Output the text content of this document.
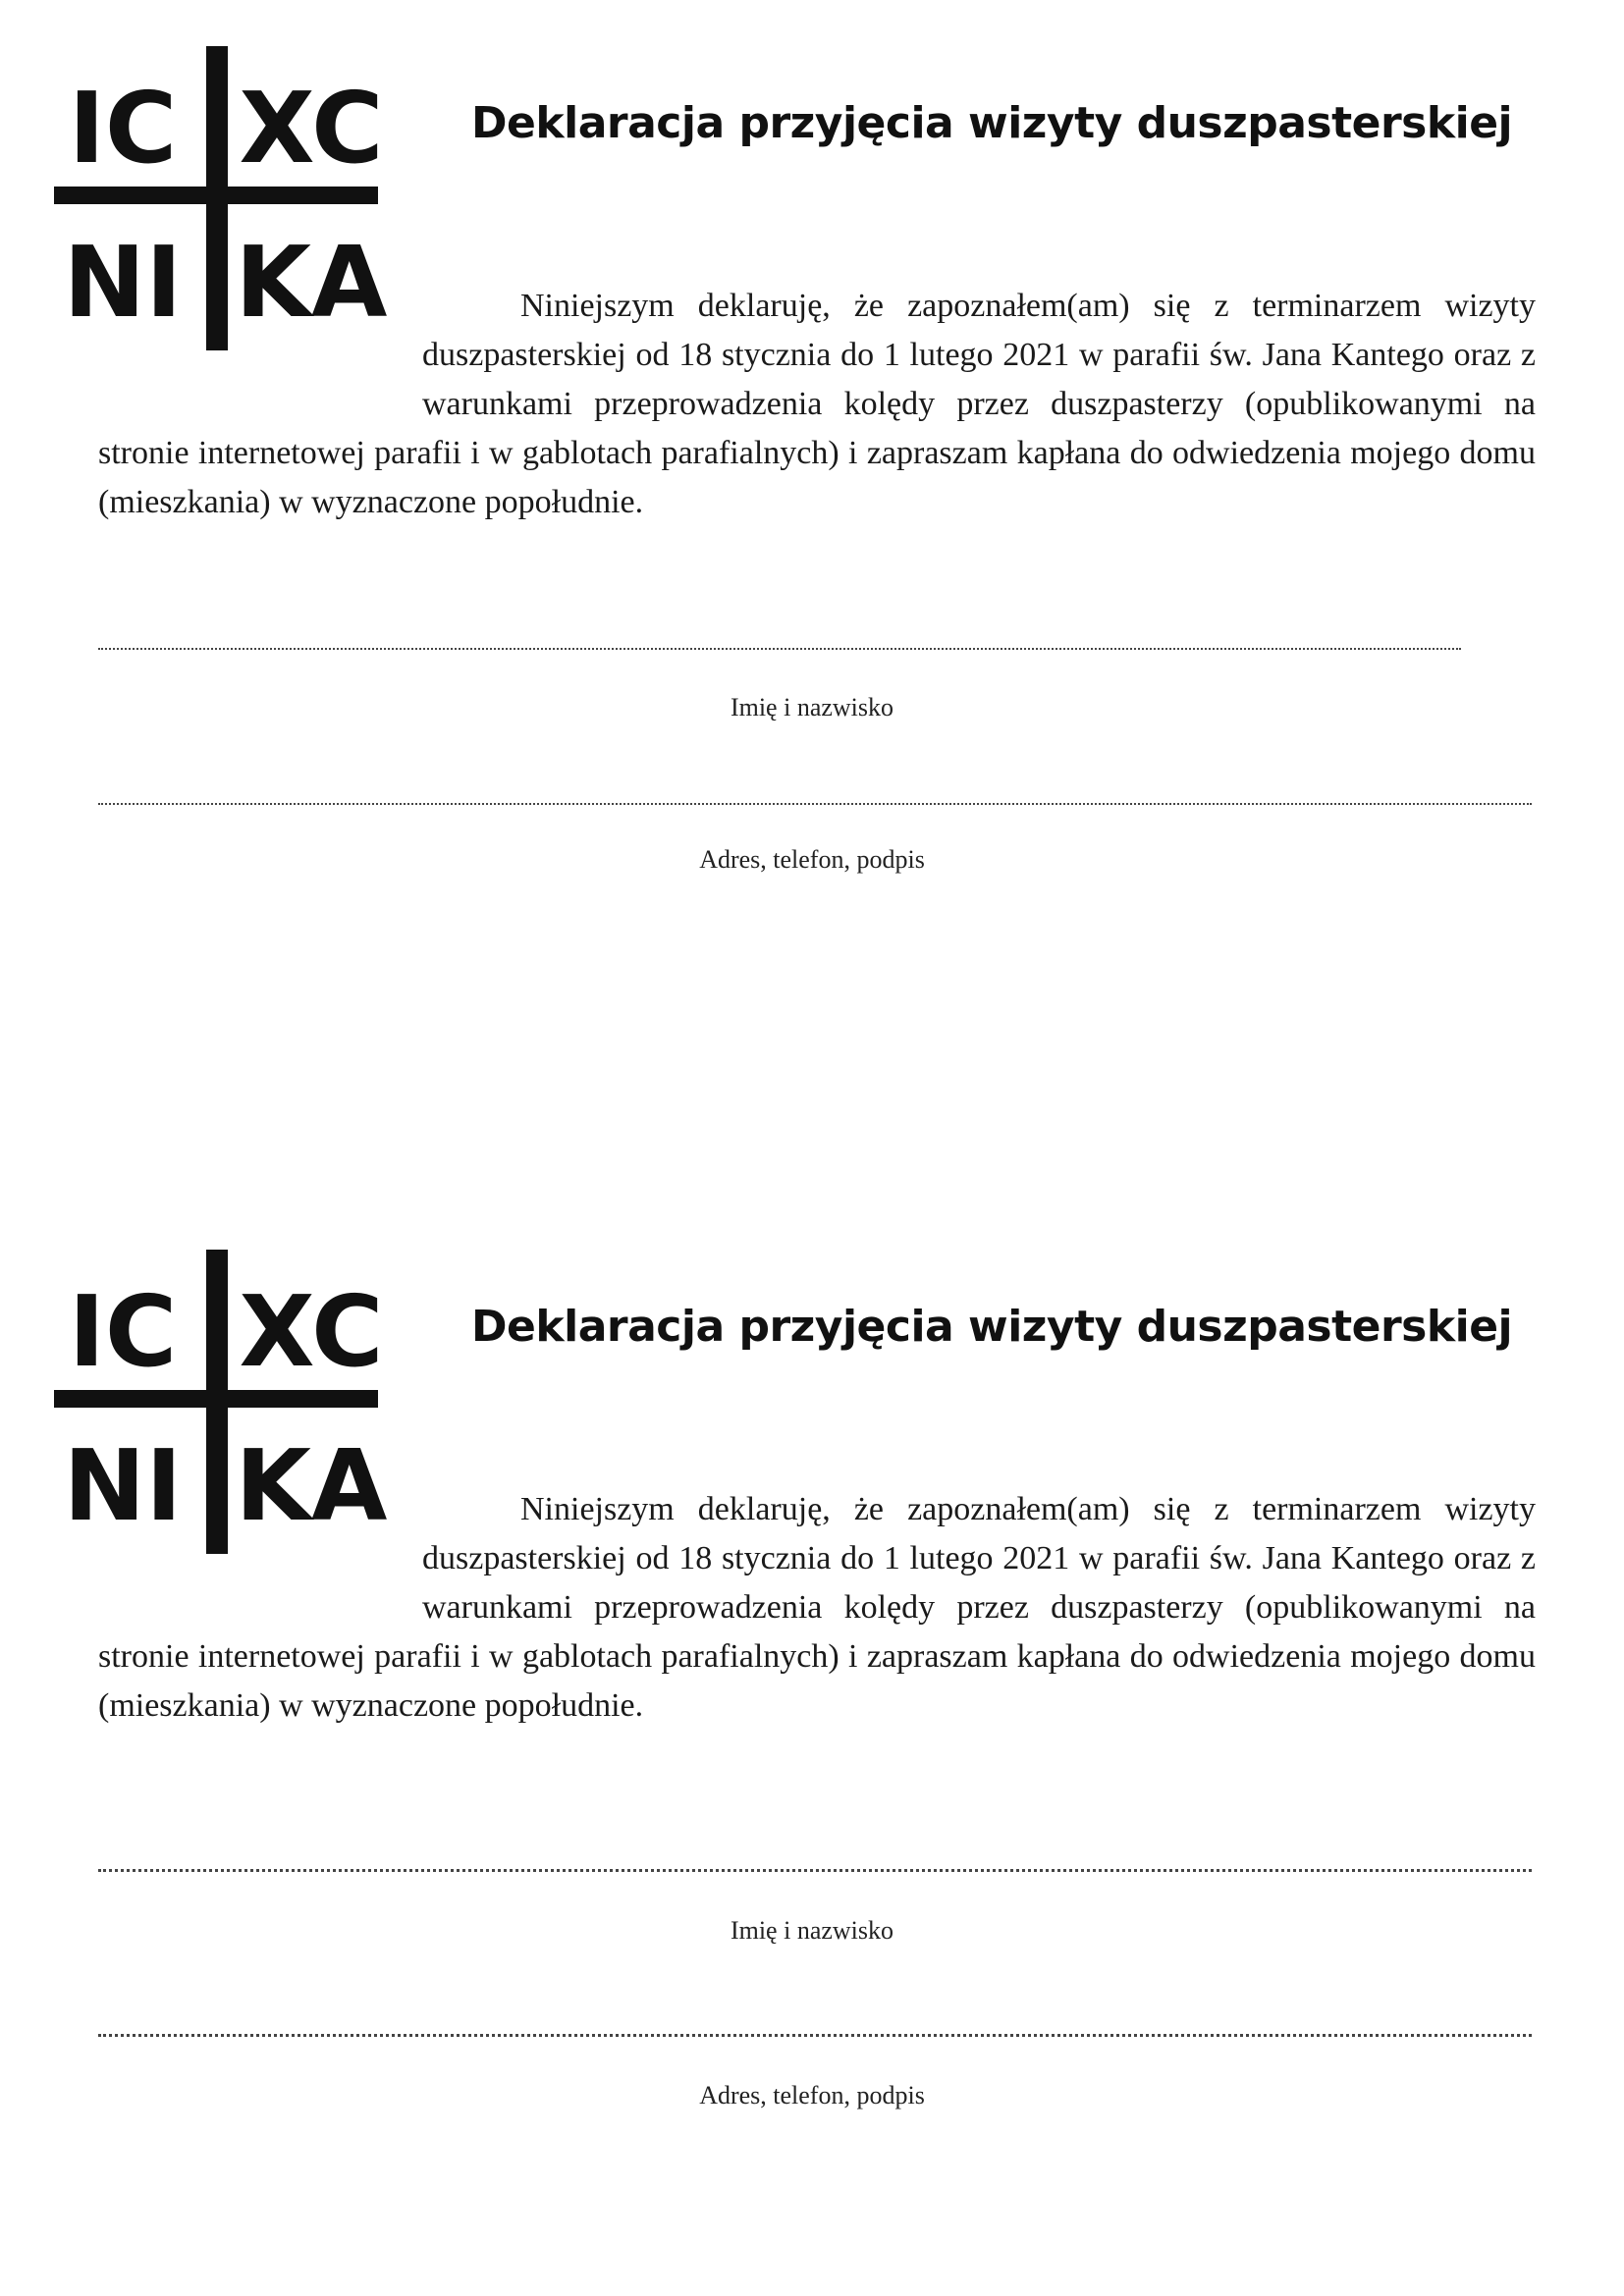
IC XC
NI KA
Deklaracja przyjęcia wizyty duszpasterskiej

Niniejszym deklaruję, że zapoznałem(am) się z terminarzem wizyty duszpasterskiej od 18 stycznia do 1 lutego 2021 w parafii św. Jana Kantego oraz z warunkami przeprowadzenia kolędy przez duszpasterzy (opublikowanymi na stronie internetowej parafii i w gablotach parafialnych) i zapraszam kapłana do odwiedzenia mojego domu (mieszkania) w wyznaczone popołudnie.

Imię i nazwisko
Adres, telefon, podpis
IC XC
NI KA
Deklaracja przyjęcia wizyty duszpasterskiej

Niniejszym deklaruję, że zapoznałem(am) się z terminarzem wizyty duszpasterskiej od 18 stycznia do 1 lutego 2021 w parafii św. Jana Kantego oraz z warunkami przeprowadzenia kolędy przez duszpasterzy (opublikowanymi na stronie internetowej parafii i w gablotach parafialnych) i zapraszam kapłana do odwiedzenia mojego domu (mieszkania) w wyznaczone popołudnie.

Imię i nazwisko
Adres, telefon, podpis
